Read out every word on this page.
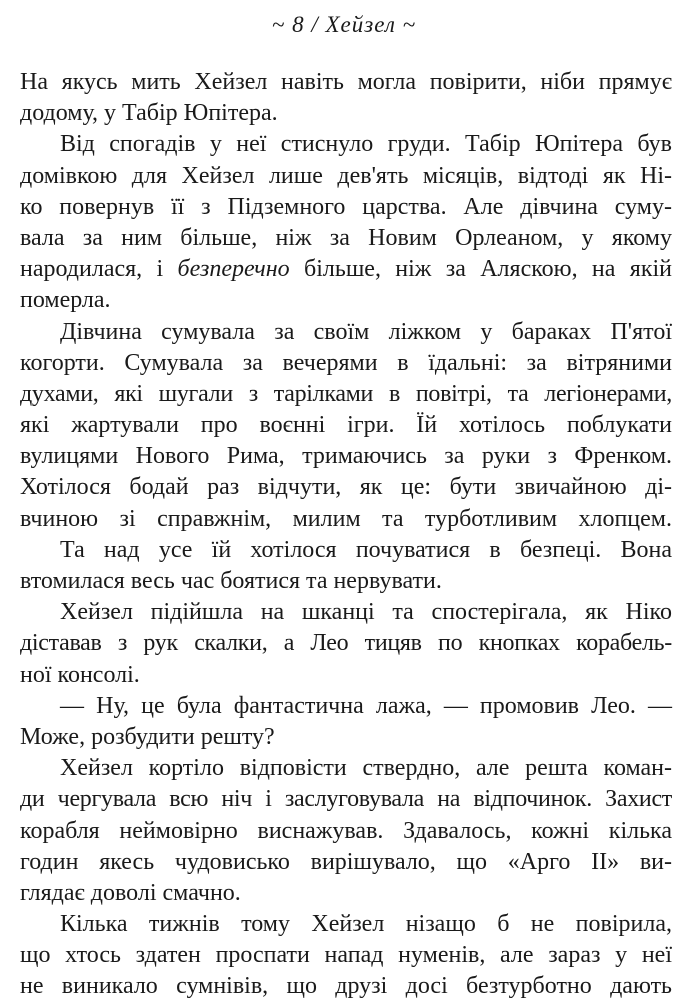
~ 8 / Хейзел ~
На якусь мить Хейзел навіть могла повірити, ніби прямує
додому, у Табір Юпітера.
Від спогадів у неї стиснуло груди. Табір Юпітера був
домівкою для Хейзел лише дев'ять місяців, відтоді як Ні-
ко повернув її з Підземного царства. Але дівчина суму-
вала за ним більше, ніж за Новим Орлеаном, у якому
народилася, і безперечно більше, ніж за Аляскою, на якій
померла.
Дівчина сумувала за своїм ліжком у бараках П'ятої
когорти. Сумувала за вечерями в їдальні: за вітряними
духами, які шугали з тарілками в повітрі, та легіонерами,
які жартували про воєнні ігри. Їй хотілось поблукати
вулицями Нового Рима, тримаючись за руки з Френком.
Хотілося бодай раз відчути, як це: бути звичайною ді-
вчиною зі справжнім, милим та турботливим хлопцем.
Та над усе їй хотілося почуватися в безпеці. Вона
втомилася весь час боятися та нервувати.
Хейзел підійшла на шканці та спостерігала, як Ніко
діставав з рук скалки, а Лео тицяв по кнопках корабель-
ної консолі.
— Ну, це була фантастична лажа, — промовив Лео. —
Може, розбудити решту?
Хейзел кортіло відповісти ствердно, але решта коман-
ди чергувала всю ніч і заслуговувала на відпочинок. Захист
корабля неймовірно виснажував. Здавалось, кожні кілька
годин якесь чудовисько вирішувало, що «Арго II» ви-
глядає доволі смачно.
Кілька тижнів тому Хейзел нізащо б не повірила,
що хтось здатен проспати напад нуменів, але зараз у неї
не виникало сумнівів, що друзі досі безтурботно дають
